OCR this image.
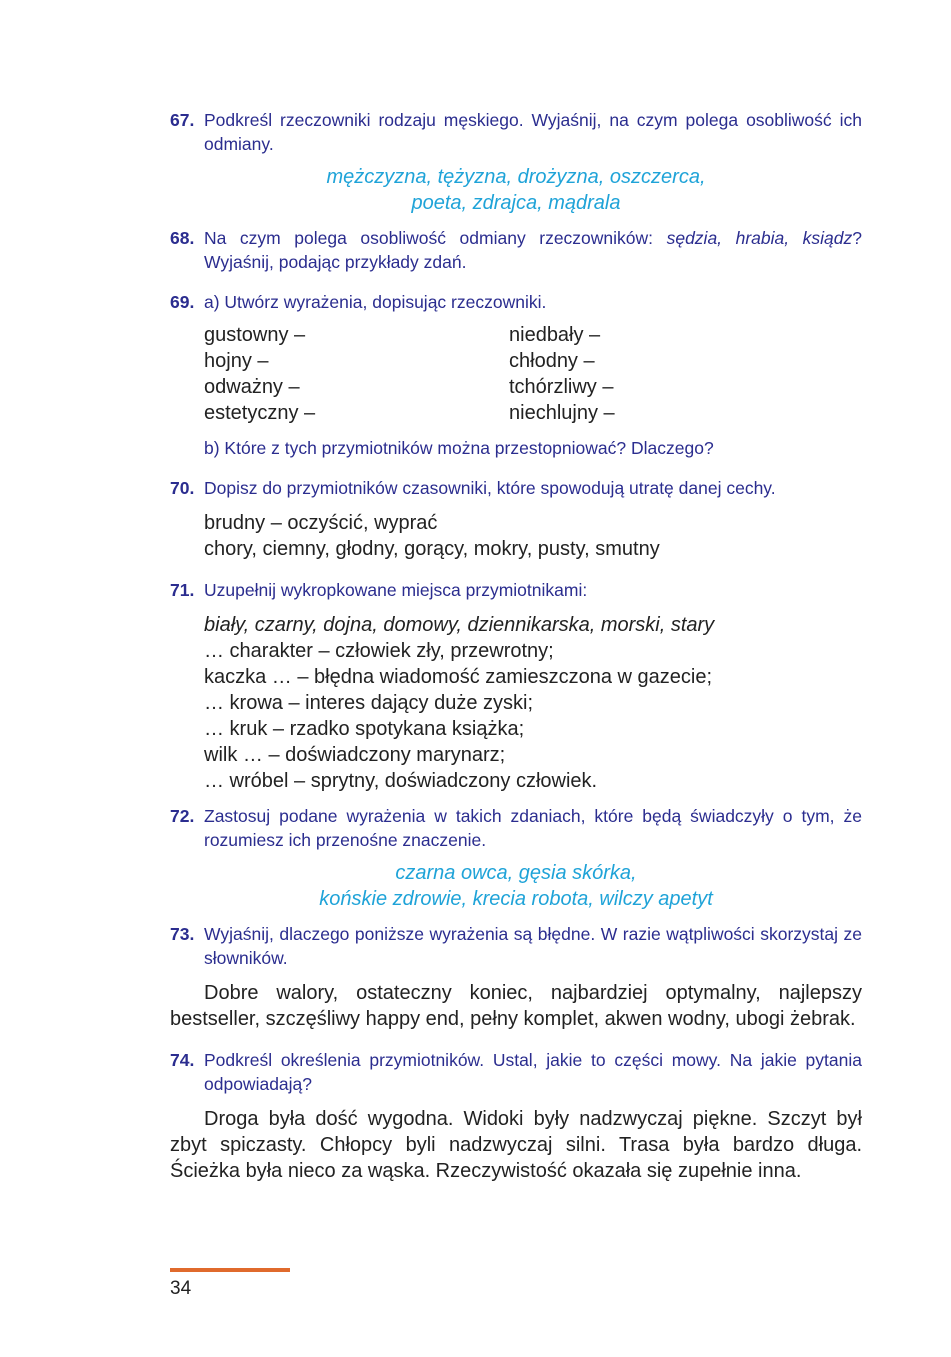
67. Podkreśl rzeczowniki rodzaju męskiego. Wyjaśnij, na czym polega osobliwość ich odmiany.
mężczyzna, tężyzna, drożyzna, oszczerca,
poeta, zdrajca, mądrala
68. Na czym polega osobliwość odmiany rzeczowników: sędzia, hrabia, ksiądz? Wyjaśnij, podając przykłady zdań.
69. a) Utwórz wyrażenia, dopisując rzeczowniki.
gustowny –
hojny –
odważny –
estetyczny –
niedbały –
chłodny –
tchórzliwy –
niechlujny –
b) Które z tych przymiotników można przestopniować? Dlaczego?
70. Dopisz do przymiotników czasowniki, które spowodują utratę danej cechy.
brudny – oczyścić, wyprać
chory, ciemny, głodny, gorący, mokry, pusty, smutny
71. Uzupełnij wykropkowane miejsca przymiotnikami:
biały, czarny, dojna, domowy, dziennikarska, morski, stary
… charakter – człowiek zły, przewrotny;
kaczka … – błędna wiadomość zamieszczona w gazecie;
… krowa – interes dający duże zyski;
… kruk – rzadko spotykana książka;
wilk … – doświadczony marynarz;
… wróbel – sprytny, doświadczony człowiek.
72. Zastosuj podane wyrażenia w takich zdaniach, które będą świadczyły o tym, że rozumiesz ich przenośne znaczenie.
czarna owca, gęsia skórka,
końskie zdrowie, krecia robota, wilczy apetyt
73. Wyjaśnij, dlaczego poniższe wyrażenia są błędne. W razie wątpliwości skorzystaj ze słowników.
Dobre walory, ostateczny koniec, najbardziej optymalny, najlepszy bestseller, szczęśliwy happy end, pełny komplet, akwen wodny, ubogi żebrak.
74. Podkreśl określenia przymiotników. Ustal, jakie to części mowy. Na jakie pytania odpowiadają?
Droga była dość wygodna. Widoki były nadzwyczaj piękne. Szczyt był zbyt spiczasty. Chłopcy byli nadzwyczaj silni. Trasa była bardzo długa. Ścieżka była nieco za wąska. Rzeczywistość okazała się zupełnie inna.
34
